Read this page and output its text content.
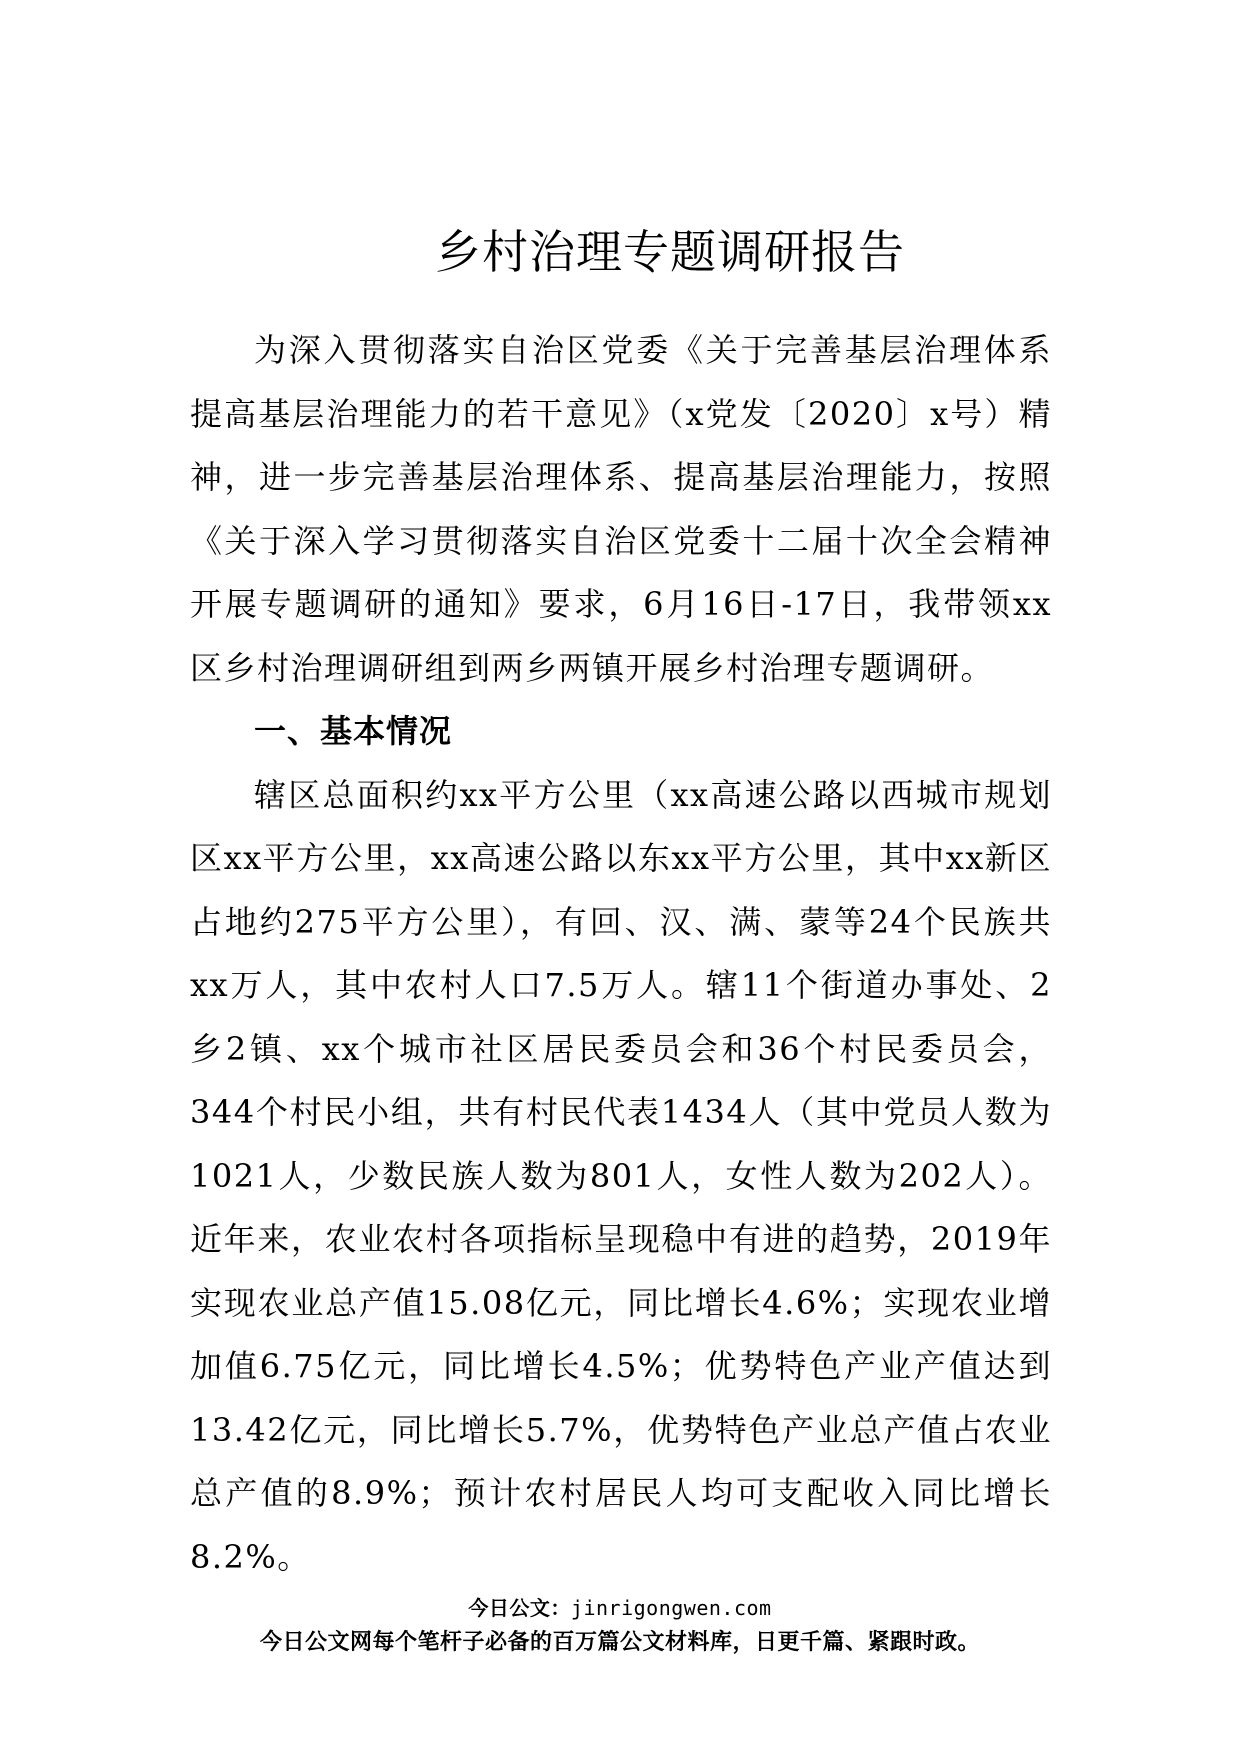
乡村治理专题调研报告

为深入贯彻落实自治区党委《关于完善基层治理体系提高基层治理能力的若干意见》（x党发〔2020〕x号）精神，进一步完善基层治理体系、提高基层治理能力，按照《关于深入学习贯彻落实自治区党委十二届十次全会精神开展专题调研的通知》要求，6月16日-17日，我带领xx区乡村治理调研组到两乡两镇开展乡村治理专题调研。

一、基本情况

辖区总面积约xx平方公里（xx高速公路以西城市规划区xx平方公里，xx高速公路以东xx平方公里，其中xx新区占地约275平方公里），有回、汉、满、蒙等24个民族共xx万人，其中农村人口7.5万人。辖11个街道办事处、2乡2镇、xx个城市社区居民委员会和36个村民委员会，344个村民小组，共有村民代表1434人（其中党员人数为1021人，少数民族人数为801人，女性人数为202人）。近年来，农业农村各项指标呈现稳中有进的趋势，2019年实现农业总产值15.08亿元，同比增长4.6%；实现农业增加值6.75亿元，同比增长4.5%；优势特色产业产值达到13.42亿元，同比增长5.7%，优势特色产业总产值占农业总产值的8.9%；预计农村居民人均可支配收入同比增长8.2%。

今日公文：jinrigongwen.com
今日公文网每个笔杆子必备的百万篇公文材料库，日更千篇、紧跟时政。
